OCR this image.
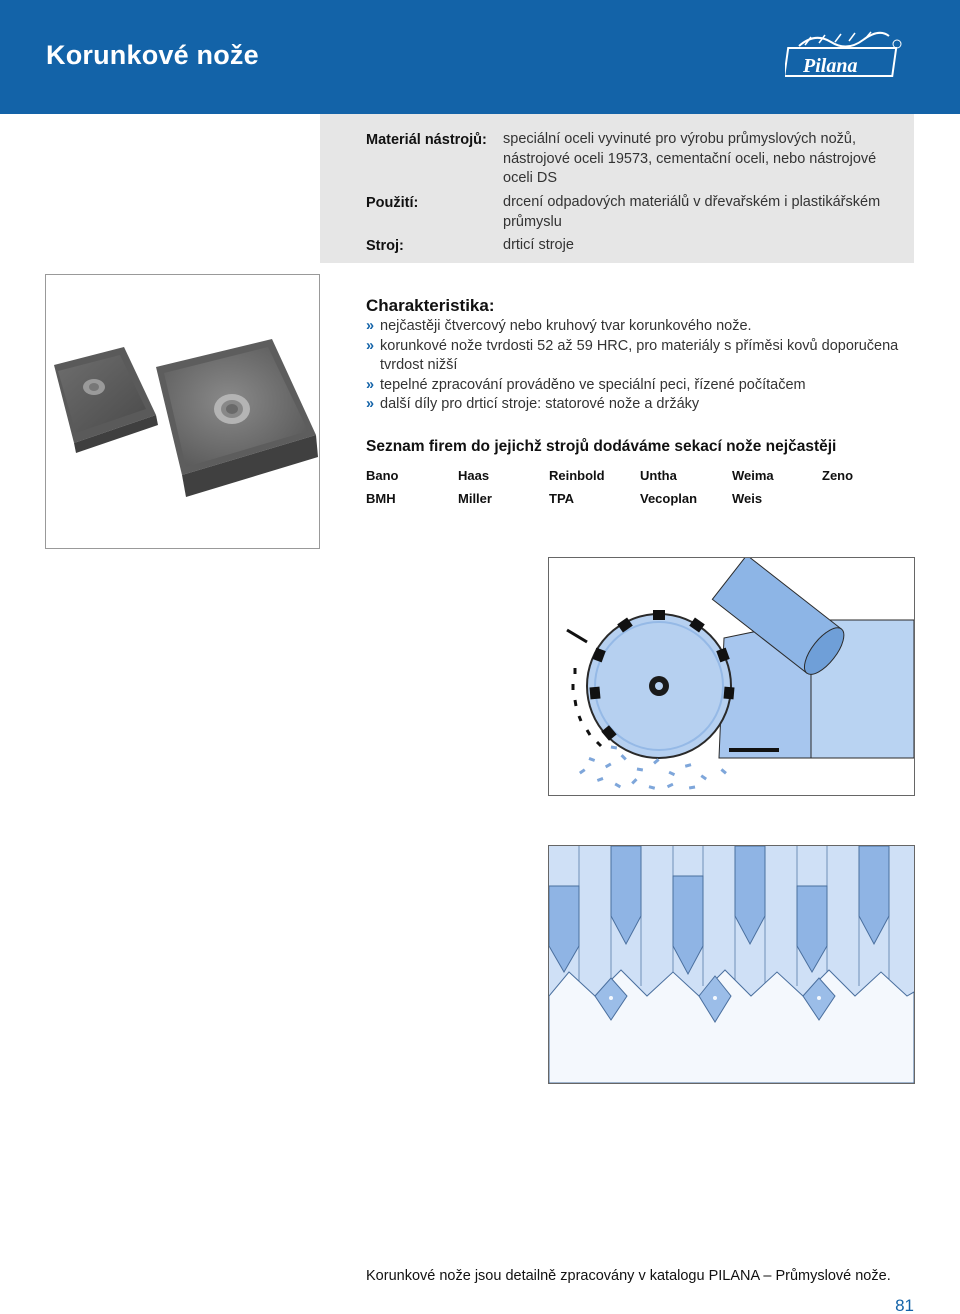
Korunkové nože	Pilana
Materiál nástrojů: speciální oceli vyvinuté pro výrobu průmyslových nožů,
nástrojové oceli 19573, cementační oceli, nebo nástrojové
oceli DS
Použití:	drcení odpadových materiálů v dřevařském i plastikářském
průmyslu
Stroj:	drticí stroje
Charakteristika:
» nejčastěji čtvercový nebo kruhový tvar korunkového nože.
» korunkové nože tvrdosti 52 až 59 HRC, pro materiály s příměsi kovů doporučena
tvrdost nižší
» tepelné zpracování prováděno ve speciální peci, řízené počítačem
» další díly pro drticí stroje: statorové nože a držáky
Seznam firem do jejichž strojů dodáváme sekací nože nejčastěji
Bano	Haas	Reinbold	Untha	Weima	Zeno
BMH	Miller	TPA	Vecoplan	Weis
Korunkové nože jsou detailně zpracovány v katalogu PILANA – Průmyslové nože.
81
